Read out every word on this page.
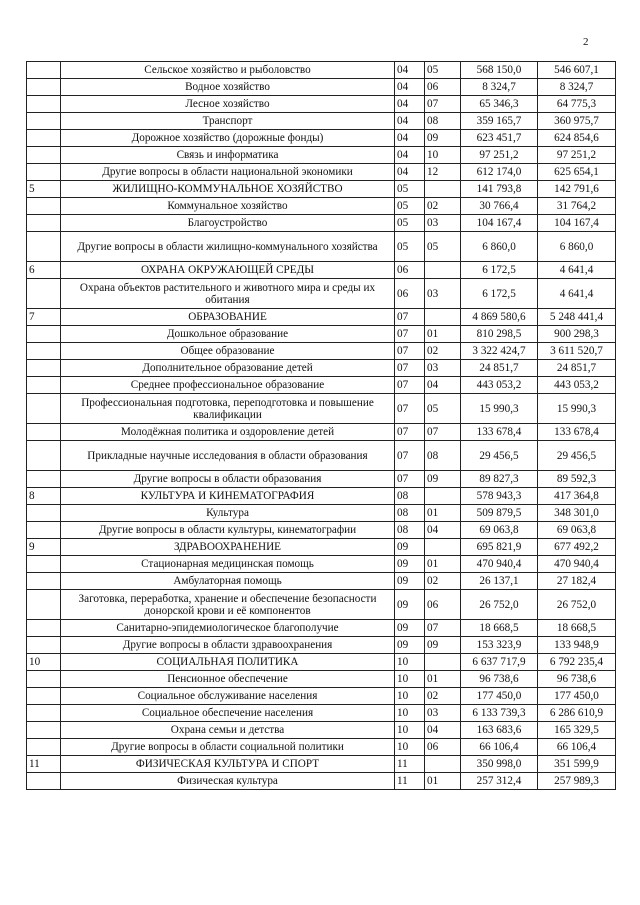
2
	Сельское хозяйство и рыболовство	04	05	568 150,0	546 607,1
	Водное хозяйство	04	06	8 324,7	8 324,7
	Лесное хозяйство	04	07	65 346,3	64 775,3
	Транспорт	04	08	359 165,7	360 975,7
	Дорожное хозяйство (дорожные фонды)	04	09	623 451,7	624 854,6
	Связь и информатика	04	10	97 251,2	97 251,2
	Другие вопросы в области национальной экономики	04	12	612 174,0	625 654,1
5	ЖИЛИЩНО-КОММУНАЛЬНОЕ ХОЗЯЙСТВО	05		141 793,8	142 791,6
	Коммунальное хозяйство	05	02	30 766,4	31 764,2
	Благоустройство	05	03	104 167,4	104 167,4
	Другие вопросы в области жилищно-коммунального хозяйства	05	05	6 860,0	6 860,0
6	ОХРАНА ОКРУЖАЮЩЕЙ СРЕДЫ	06		6 172,5	4 641,4
	Охрана объектов растительного и животного мира и среды их обитания	06	03	6 172,5	4 641,4
7	ОБРАЗОВАНИЕ	07		4 869 580,6	5 248 441,4
	Дошкольное образование	07	01	810 298,5	900 298,3
	Общее образование	07	02	3 322 424,7	3 611 520,7
	Дополнительное образование детей	07	03	24 851,7	24 851,7
	Среднее профессиональное образование	07	04	443 053,2	443 053,2
	Профессиональная подготовка, переподготовка и повышение квалификации	07	05	15 990,3	15 990,3
	Молодёжная политика и оздоровление детей	07	07	133 678,4	133 678,4
	Прикладные научные исследования в области образования	07	08	29 456,5	29 456,5
	Другие вопросы в области образования	07	09	89 827,3	89 592,3
8	КУЛЬТУРА И КИНЕМАТОГРАФИЯ	08		578 943,3	417 364,8
	Культура	08	01	509 879,5	348 301,0
	Другие вопросы в области культуры, кинематографии	08	04	69 063,8	69 063,8
9	ЗДРАВООХРАНЕНИЕ	09		695 821,9	677 492,2
	Стационарная медицинская помощь	09	01	470 940,4	470 940,4
	Амбулаторная помощь	09	02	26 137,1	27 182,4
	Заготовка, переработка, хранение и обеспечение безопасности донорской крови и её компонентов	09	06	26 752,0	26 752,0
	Санитарно-эпидемиологическое благополучие	09	07	18 668,5	18 668,5
	Другие вопросы в области здравоохранения	09	09	153 323,9	133 948,9
10	СОЦИАЛЬНАЯ ПОЛИТИКА	10		6 637 717,9	6 792 235,4
	Пенсионное обеспечение	10	01	96 738,6	96 738,6
	Социальное обслуживание населения	10	02	177 450,0	177 450,0
	Социальное обеспечение населения	10	03	6 133 739,3	6 286 610,9
	Охрана семьи и детства	10	04	163 683,6	165 329,5
	Другие вопросы в области социальной политики	10	06	66 106,4	66 106,4
11	ФИЗИЧЕСКАЯ КУЛЬТУРА И СПОРТ	11		350 998,0	351 599,9
	Физическая культура	11	01	257 312,4	257 989,3
